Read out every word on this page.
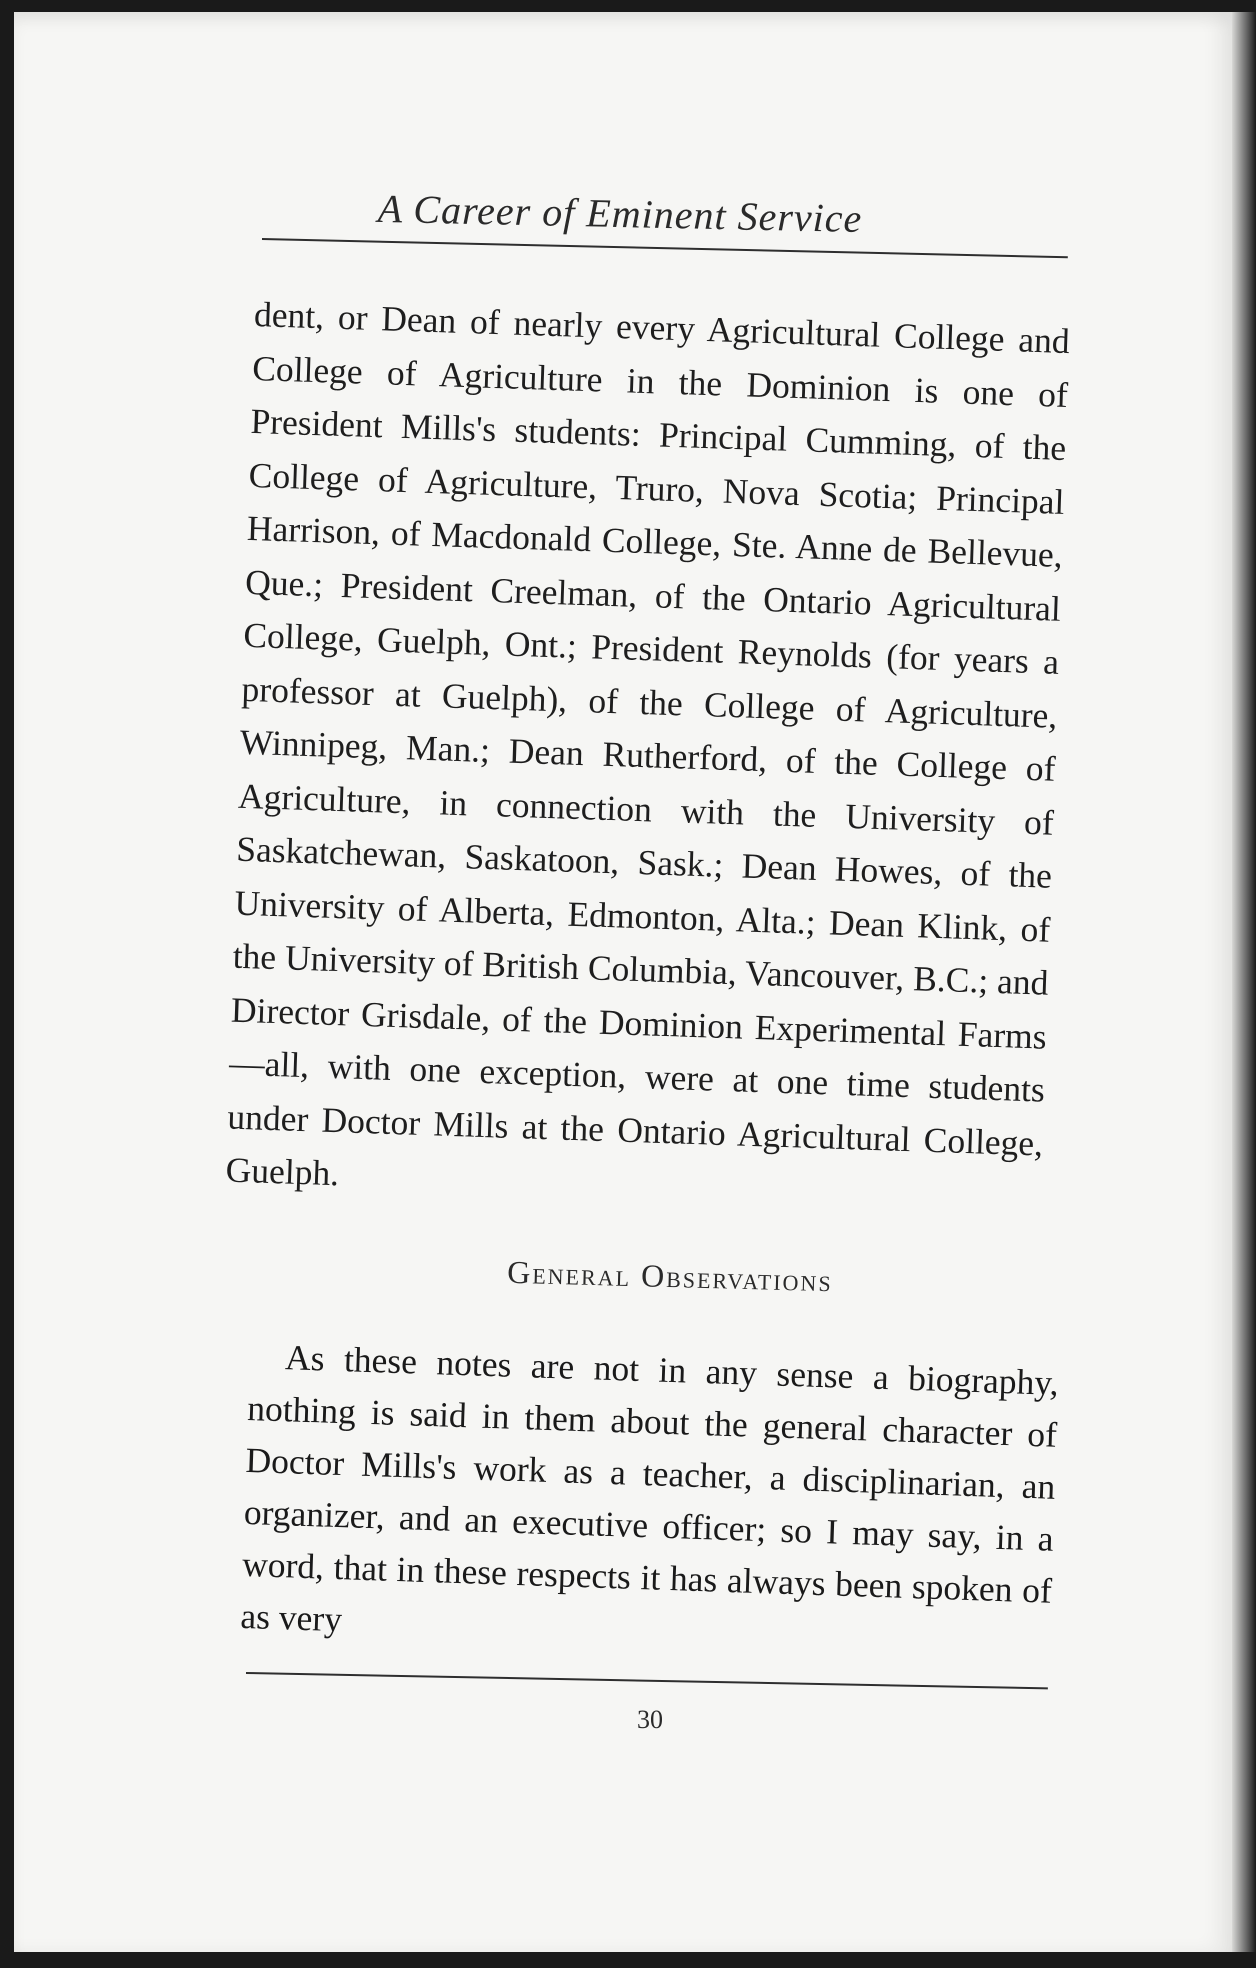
A Career of Eminent Service

dent, or Dean of nearly every Agricultural College and College of Agriculture in the Dominion is one of President Mills's students: Principal Cumming, of the College of Agriculture, Truro, Nova Scotia; Principal Harrison, of Macdonald College, Ste. Anne de Bellevue, Que.; President Creelman, of the Ontario Agricultural College, Guelph, Ont.; President Reynolds (for years a professor at Guelph), of the College of Agriculture, Winnipeg, Man.; Dean Rutherford, of the College of Agriculture, in connection with the University of Saskatchewan, Saskatoon, Sask.; Dean Howes, of the University of Alberta, Edmonton, Alta.; Dean Klink, of the University of British Columbia, Vancouver, B.C.; and Director Grisdale, of the Dominion Experimental Farms—all, with one exception, were at one time students under Doctor Mills at the Ontario Agricultural College, Guelph.

General Observations

As these notes are not in any sense a biography, nothing is said in them about the general character of Doctor Mills's work as a teacher, a disciplinarian, an organizer, and an executive officer; so I may say, in a word, that in these respects it has always been spoken of as very

30
